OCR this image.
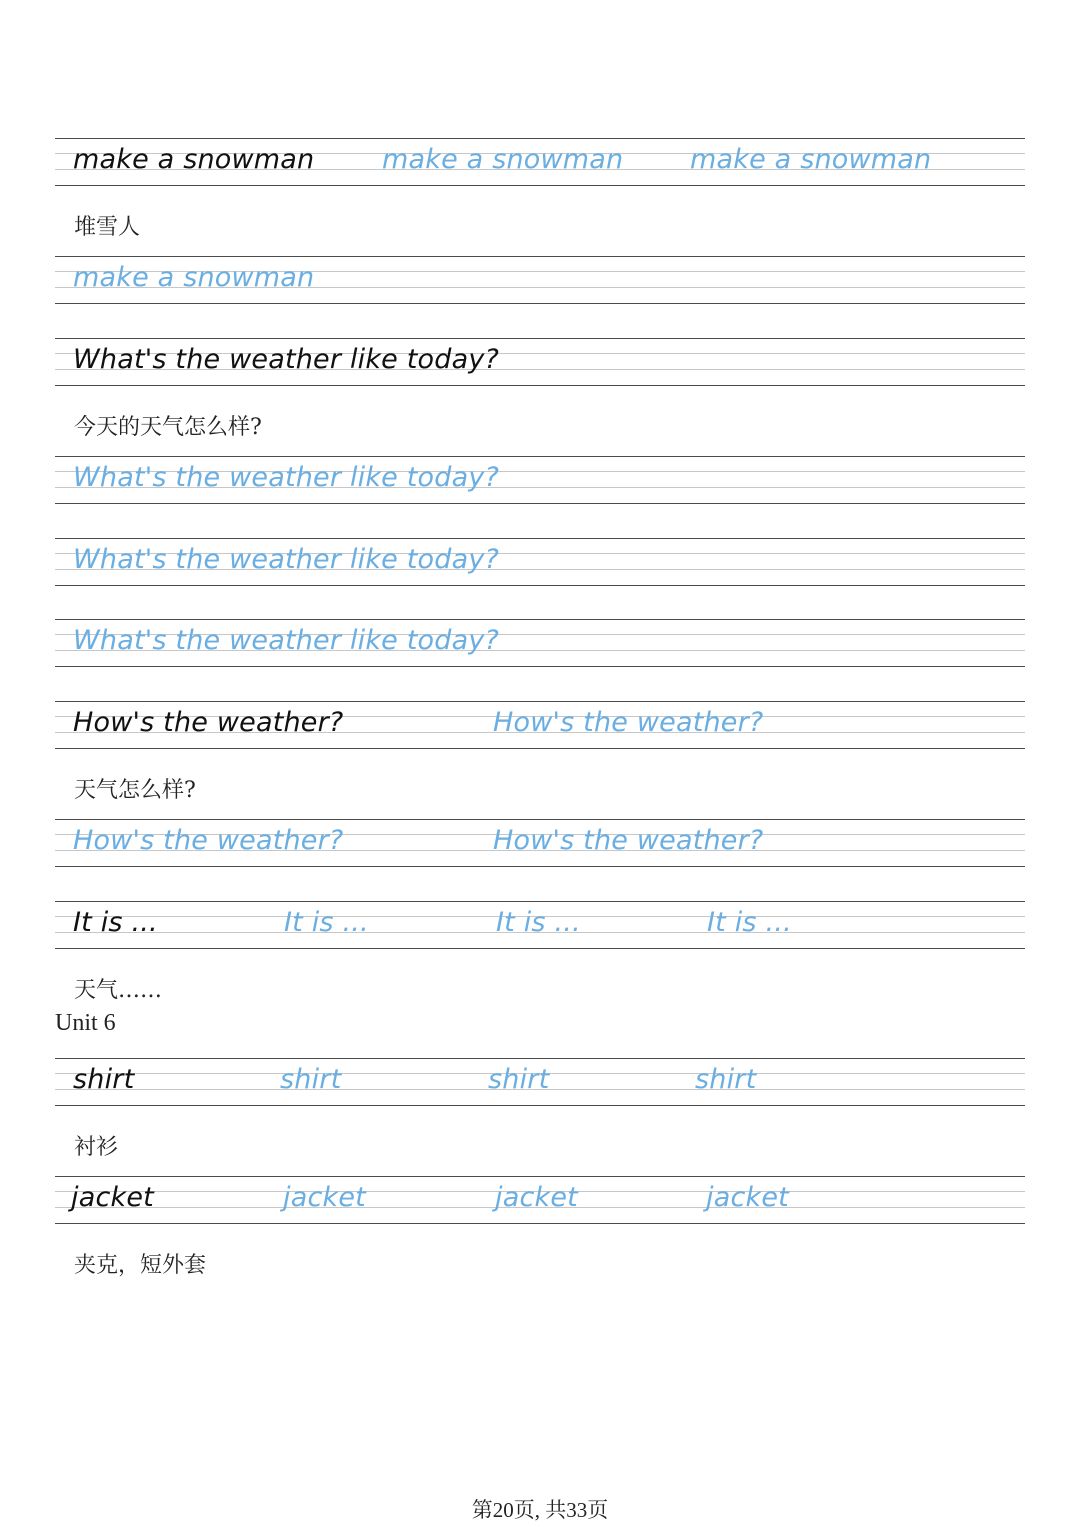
make a snowman	make a snowman make a snowman
堆雪人
make a snowman
What's the weather like today?
今天的天气怎么样?
What's the weather like today?
What's the weather like today?
What's the weather like today?
How's the weather?	How's the weather?
天气怎么样?
How's the weather?	How's the weather?
It is ...	It is ...	It is ...	It is ...
天气……
Unit 6
shirt	shirt	shirt	shirt
衬衫
jacket	jacket	jacket	jacket
夹克，短外套
第20页, 共33页
